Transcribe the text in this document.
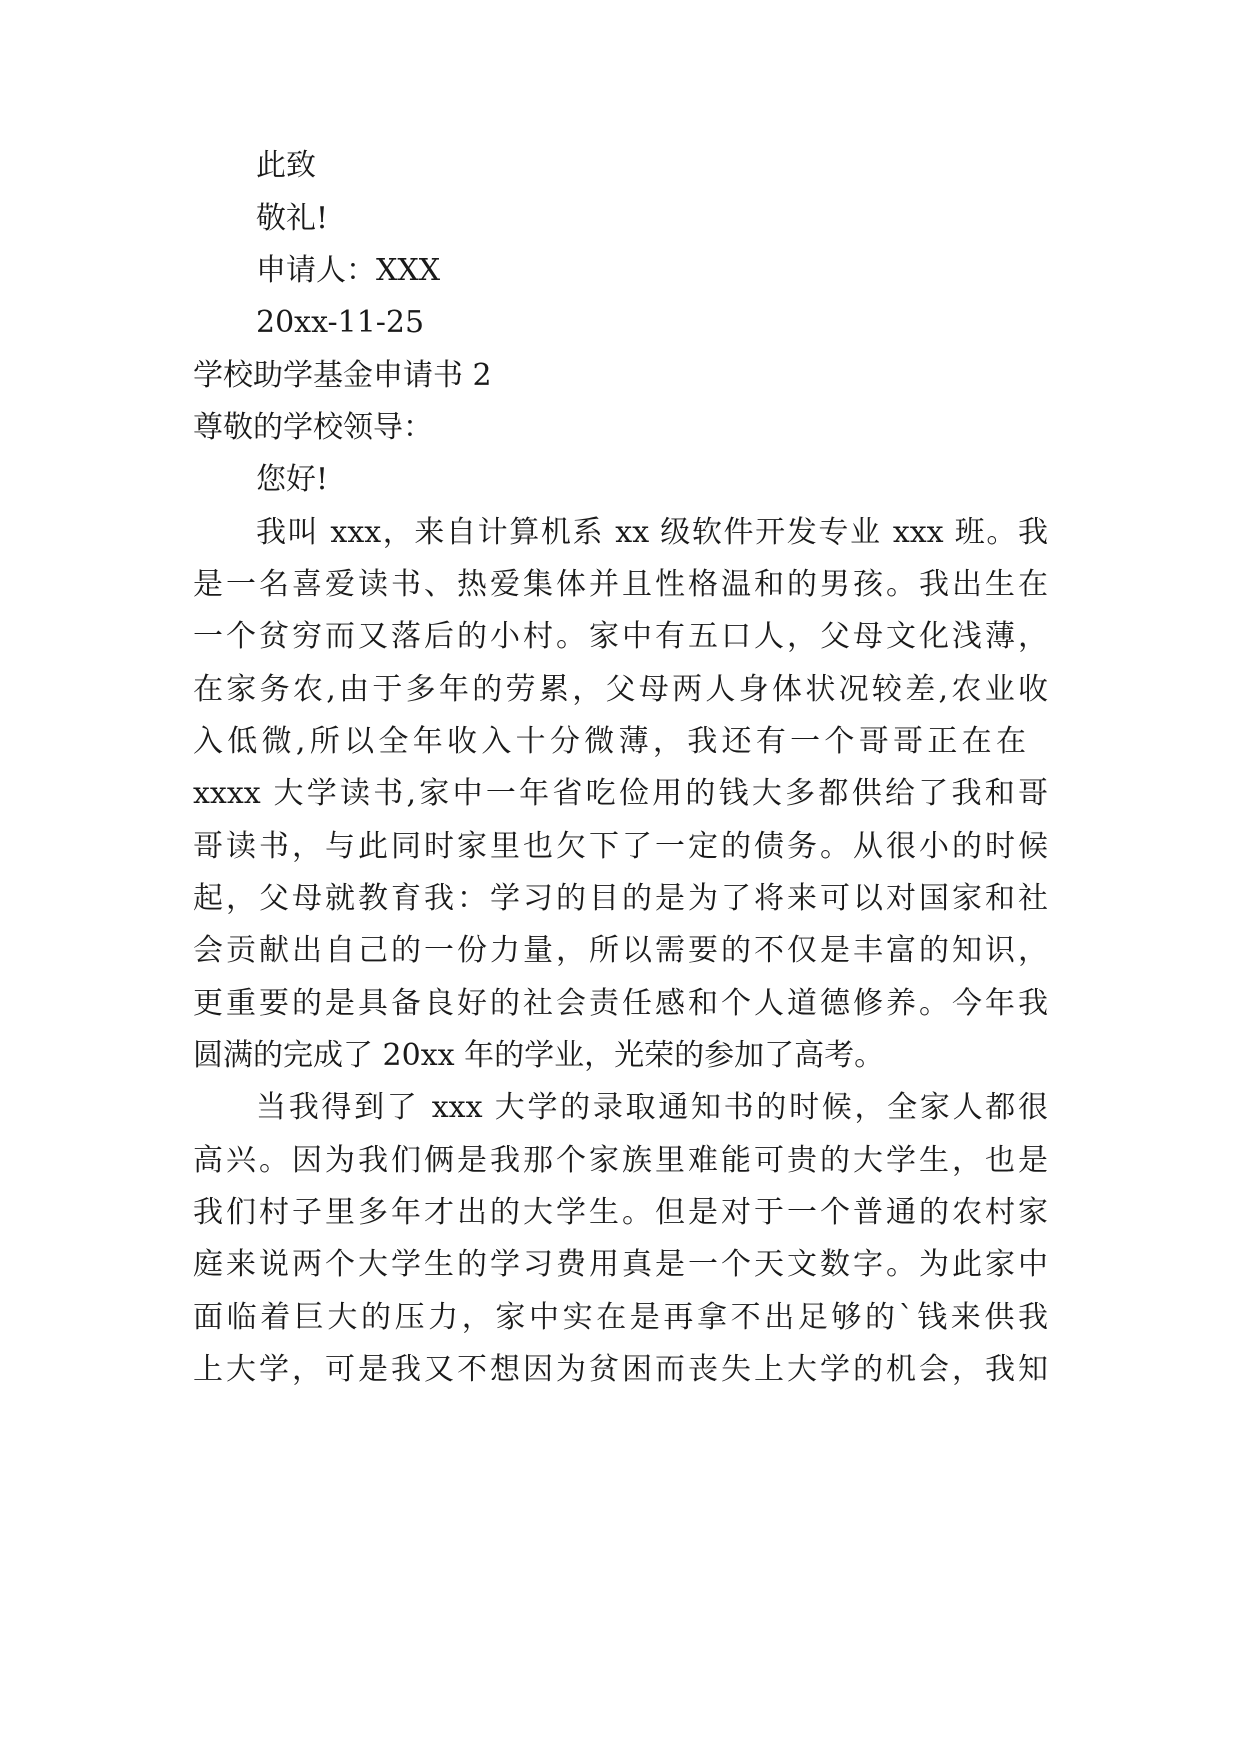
此致
敬礼!
申请人：XXX
20xx-11-25
学校助学基金申请书 2
尊敬的学校领导：
您好!
我叫 xxx，来自计算机系 xx 级软件开发专业 xxx 班。我
是一名喜爱读书、热爱集体并且性格温和的男孩。我出生在
一个贫穷而又落后的小村。家中有五口人，父母文化浅薄，
在家务农,由于多年的劳累，父母两人身体状况较差,农业收
入低微,所以全年收入十分微薄，我还有一个哥哥正在在
xxxx 大学读书,家中一年省吃俭用的钱大多都供给了我和哥
哥读书，与此同时家里也欠下了一定的债务。从很小的时候
起，父母就教育我：学习的目的是为了将来可以对国家和社
会贡献出自己的一份力量，所以需要的不仅是丰富的知识，
更重要的是具备良好的社会责任感和个人道德修养。今年我
圆满的完成了 20xx 年的学业，光荣的参加了高考。
当我得到了 xxx 大学的录取通知书的时候，全家人都很
高兴。因为我们俩是我那个家族里难能可贵的大学生，也是
我们村子里多年才出的大学生。但是对于一个普通的农村家
庭来说两个大学生的学习费用真是一个天文数字。为此家中
面临着巨大的压力，家中实在是再拿不出足够的`钱来供我
上大学，可是我又不想因为贫困而丧失上大学的机会，我知
